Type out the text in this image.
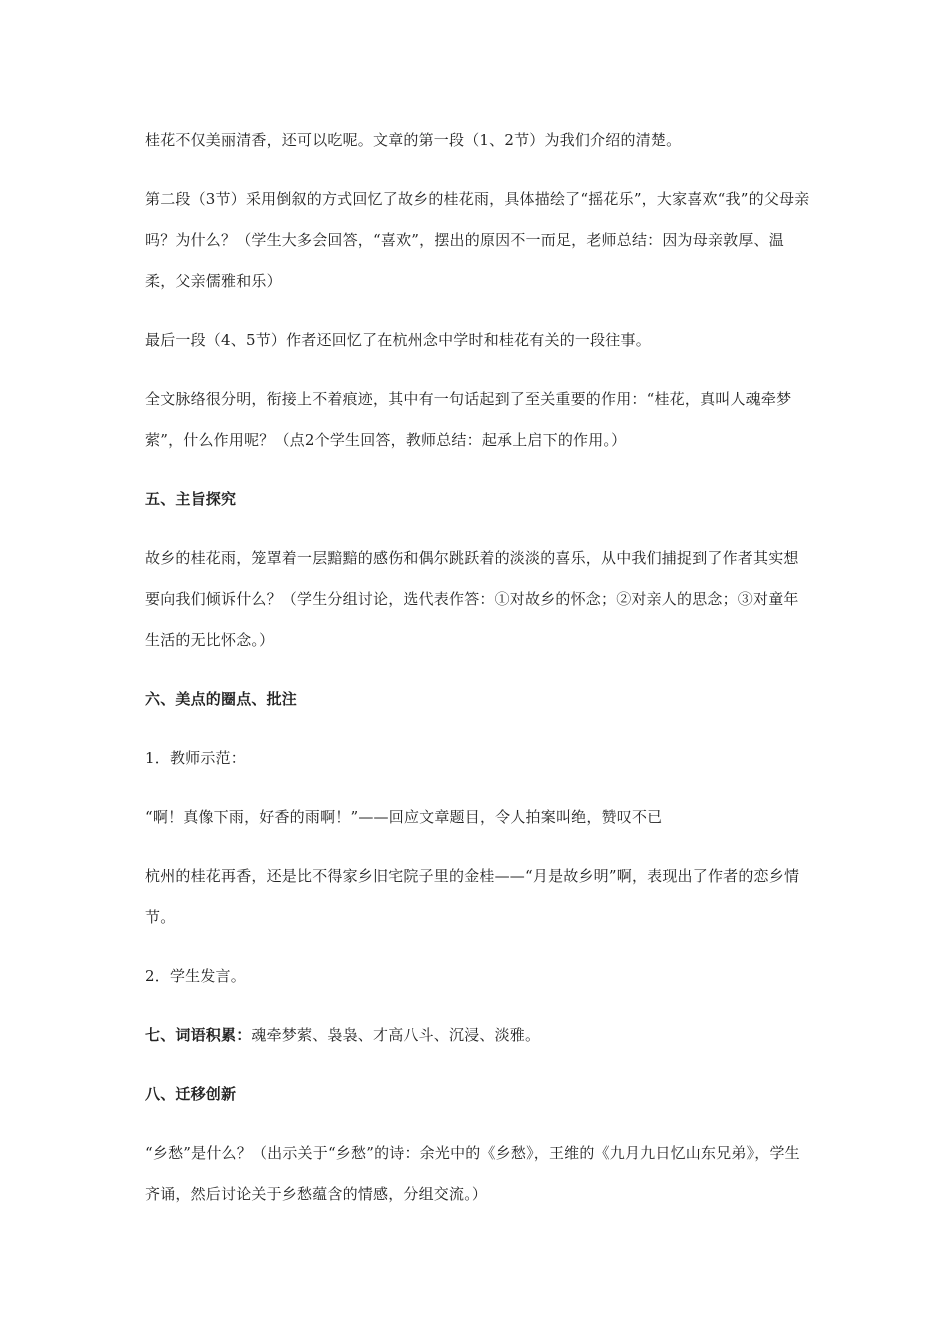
桂花不仅美丽清香，还可以吃呢。文章的第一段（1、2节）为我们介绍的清楚。

第二段（3节）采用倒叙的方式回忆了故乡的桂花雨，具体描绘了“摇花乐”，大家喜欢“我”的父母亲吗？为什么？（学生大多会回答，“喜欢”，摆出的原因不一而足，老师总结：因为母亲敦厚、温柔，父亲儒雅和乐）

最后一段（4、5节）作者还回忆了在杭州念中学时和桂花有关的一段往事。

全文脉络很分明，衔接上不着痕迹，其中有一句话起到了至关重要的作用：“桂花，真叫人魂牵梦萦”，什么作用呢？（点2个学生回答，教师总结：起承上启下的作用。）

五、主旨探究

故乡的桂花雨，笼罩着一层黯黯的感伤和偶尔跳跃着的淡淡的喜乐，从中我们捕捉到了作者其实想要向我们倾诉什么？（学生分组讨论，选代表作答：①对故乡的怀念；②对亲人的思念；③对童年生活的无比怀念。）

六、美点的圈点、批注

1．教师示范：

“啊！真像下雨，好香的雨啊！”——回应文章题目，令人拍案叫绝，赞叹不已

杭州的桂花再香，还是比不得家乡旧宅院子里的金桂——“月是故乡明”啊，表现出了作者的恋乡情节。

2．学生发言。

七、词语积累：魂牵梦萦、袅袅、才高八斗、沉浸、淡雅。

八、迁移创新

“乡愁”是什么？（出示关于“乡愁”的诗：余光中的《乡愁》，王维的《九月九日忆山东兄弟》，学生齐诵，然后讨论关于乡愁蕴含的情感，分组交流。）
